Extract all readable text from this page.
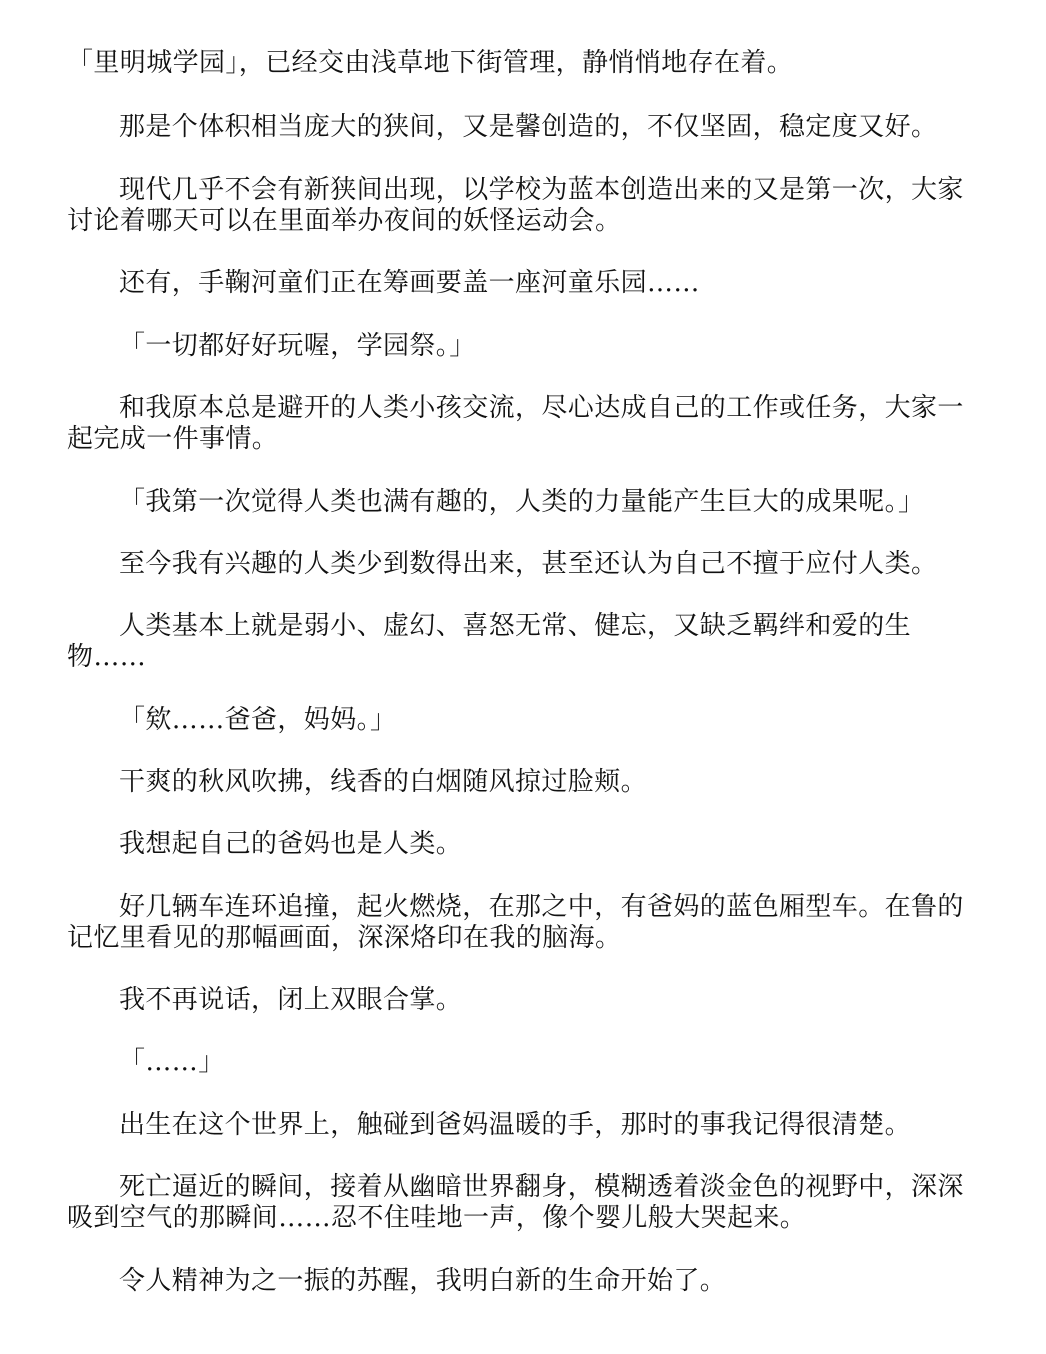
「里明城学园」，已经交由浅草地下街管理，静悄悄地存在着。

那是个体积相当庞大的狭间，又是馨创造的，不仅坚固，稳定度又好。

现代几乎不会有新狭间出现，以学校为蓝本创造出来的又是第一次，大家讨论着哪天可以在里面举办夜间的妖怪运动会。

还有，手鞠河童们正在筹画要盖一座河童乐园……

「一切都好好玩喔，学园祭。」

和我原本总是避开的人类小孩交流，尽心达成自己的工作或任务，大家一起完成一件事情。

「我第一次觉得人类也满有趣的，人类的力量能产生巨大的成果呢。」

至今我有兴趣的人类少到数得出来，甚至还认为自己不擅于应付人类。

人类基本上就是弱小、虚幻、喜怒无常、健忘，又缺乏羁绊和爱的生物……

「欸……爸爸，妈妈。」

干爽的秋风吹拂，线香的白烟随风掠过脸颊。

我想起自己的爸妈也是人类。

好几辆车连环追撞，起火燃烧，在那之中，有爸妈的蓝色厢型车。在鲁的记忆里看见的那幅画面，深深烙印在我的脑海。

我不再说话，闭上双眼合掌。

「……」

出生在这个世界上，触碰到爸妈温暖的手，那时的事我记得很清楚。

死亡逼近的瞬间，接着从幽暗世界翻身，模糊透着淡金色的视野中，深深吸到空气的那瞬间……忍不住哇地一声，像个婴儿般大哭起来。

令人精神为之一振的苏醒，我明白新的生命开始了。
